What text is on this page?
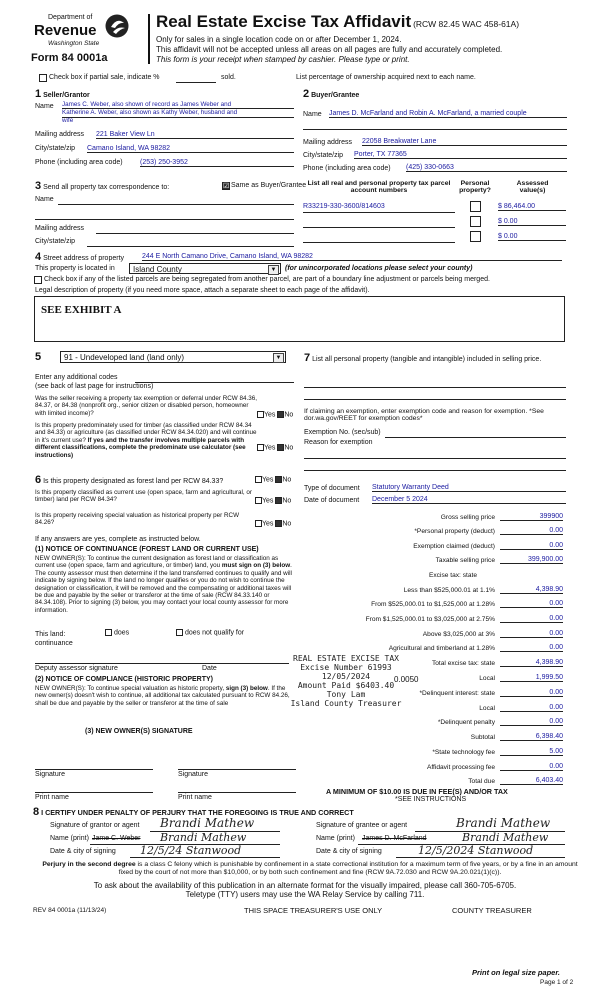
Department of
Revenue
Washington State
Form 84 0001a
Real Estate Excise Tax Affidavit (RCW 82.45 WAC 458-61A)
Only for sales in a single location code on or after December 1, 2024.
This affidavit will not be accepted unless all areas on all pages are fully and accurately completed.
This form is your receipt when stamped by cashier. Please type or print.
Check box if partial sale, indicate %	sold.	List percentage of ownership acquired next to each name.
1 Seller/Grantor
Name James C. Weber, also shown of record as James Weber and
Katherine A. Weber, also shown as Kathy Weber, husband and
wife
Mailing address 221 Baker View Ln
City/state/zip Camano Island, WA 98282
Phone (including area code) (253) 250-3952
2 Buyer/Grantee
Name James D. McFarland and Robin A. McFarland, a married couple
Mailing address 22058 Breakwater Lane
City/state/zip Porter, TX 77365
Phone (including area code) (425) 330-0663
3 Send all property tax correspondence to:	☑ Same as Buyer/Grantee
Name
Mailing address
City/state/zip
List all real and personal property tax parcel account numbers
Personal property?
Assessed value(s)
R33219-330-3600/814603	$ 86,464.00
$ 0.00
$ 0.00
4 Street address of property	244 E North Camano Drive, Camano Island, WA 98282
This property is located in	Island County	▼	(for unincorporated locations please select your county)
Check box if any of the listed parcels are being segregated from another parcel, are part of a boundary line adjustment or parcels being merged.
Legal description of property (if you need more space, attach a separate sheet to each page of the affidavit).
SEE EXHIBIT A
5	91 - Undeveloped land (land only)	▼
Enter any additional codes
(see back of last page for instructions)
Was the seller receiving a property tax exemption or deferral under RCW 84.36, 84.37, or 84.38 (nonprofit org., senior citizen or disabled person, homeowner with limited income)?	Yes No
Is this property predominately used for timber (as classified under RCW 84.34 and 84.33) or agriculture (as classified under RCW 84.34.020) and will continue in it's current use? If yes and the transfer involves multiple parcels with different classifications, complete the predominate use calculator (see instructions)
Yes No
7 List all personal property (tangible and intangible) included in selling price.
If claiming an exemption, enter exemption code and reason for exemption. *See dor.wa.gov/REET for exemption codes*
Exemption No. (sec/sub)
Reason for exemption
6 Is this property designated as forest land per RCW 84.33?	Yes No
Is this property classified as current use (open space, farm and agricultural, or timber) land per RCW 84.34?	Yes No
Is this property receiving special valuation as historical property per RCW 84.26?	Yes No
If any answers are yes, complete as instructed below.
(1) NOTICE OF CONTINUANCE (FOREST LAND OR CURRENT USE)
NEW OWNER(S): To continue the current designation as forest land or classification as current use (open space, farm and agriculture, or timber) land, you must sign on (3) below. The county assessor must then determine if the land transferred continues to qualify and will indicate by signing below. If the land no longer qualifies or you do not wish to continue the designation or classification, it will be removed and the compensating or additional taxes will be due and payable by the seller or transferor at the time of sale (RCW 84.33.140 or 84.34.108). Prior to signing (3) below, you may contact your local county assessor for more information.
This land:
continuance
does	does not qualify for
Deputy assessor signature	Date
(2) NOTICE OF COMPLIANCE (HISTORIC PROPERTY)
NEW OWNER(S): To continue special valuation as historic property, sign (3) below. If the new owner(s) doesn't wish to continue, all additional tax calculated pursuant to RCW 84.26, shall be due and payable by the seller or transferor at the time of sale
(3) NEW OWNER(S) SIGNATURE
Signature	Signature
Print name	Print name
Type of document Statutory Warranty Deed
Date of document December 5 2024
Gross selling price	399900
*Personal property (deduct)	0.00
Exemption claimed (deduct)	0.00
Taxable selling price	399,900.00
Excise tax: state
Less than $525,000.01 at 1.1%	4,398.90
From $525,000.01 to $1,525,000 at 1.28%	0.00
From $1,525,000.01 to $3,025,000 at 2.75%	0.00
Above $3,025,000 at 3%	0.00
Agricultural and timberland at 1.28%	0.00
Total excise tax: state	4,398.90
0.0050	Local	1,999.50
*Delinquent interest: state	0.00
Local	0.00
*Delinquent penalty	0.00
Subtotal	6,398.40
*State technology fee	5.00
Affidavit processing fee	0.00
Total due	6,403.40
A MINIMUM OF $10.00 IS DUE IN FEE(S) AND/OR TAX
*SEE INSTRUCTIONS
REAL ESTATE EXCISE TAX
Excise Number 61993
12/05/2024
Amount Paid $6403.40
Tony Lam
Island County Treasurer
8 I CERTIFY UNDER PENALTY OF PERJURY THAT THE FOREGOING IS TRUE AND CORRECT
Signature of grantor or agent Brandi Mathew
Name (print) Jame C. Weber Brandi Mathew
Date & city of signing 12/5/24 Stanwood
Signature of grantee or agent	Brandi Mathew
Name (print) James D. McFarland	Brandi Mathew
Date & city of signing	12/5/2024 Stanwood
Perjury in the second degree is a class C felony which is punishable by confinement in a state correctional institution for a maximum term of five years, or by a fine in an amount fixed by the court of not more than $10,000, or by both such confinement and fine (RCW 9A.72.030 and RCW 9A.20.021(1)(c)).
To ask about the availability of this publication in an alternate format for the visually impaired, please call 360-705-6705. Teletype (TTY) users may use the WA Relay Service by calling 711.
REV 84 0001a (11/13/24)	THIS SPACE TREASURER'S USE ONLY	COUNTY TREASURER
Print on legal size paper.
Page 1 of 2
